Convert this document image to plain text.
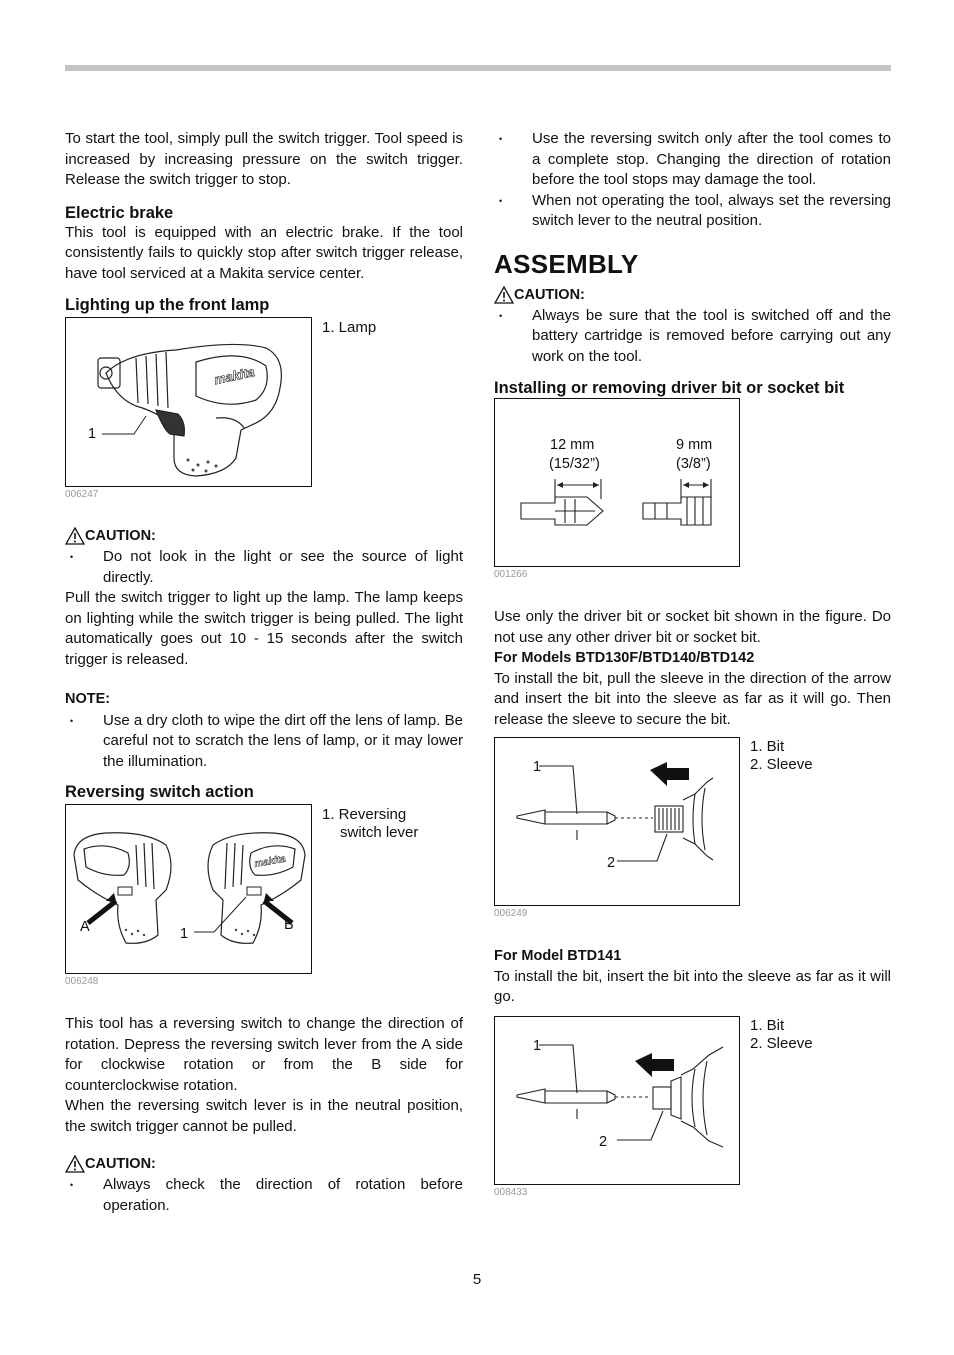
To start the tool, simply pull the switch trigger. Tool speed is increased by increasing pressure on the switch trigger. Release the switch trigger to stop.

Electric brake

This tool is equipped with an electric brake. If the tool consistently fails to quickly stop after switch trigger release, have tool serviced at a Makita service center.

Lighting up the front lamp
makita
1
1. Lamp
006247
CAUTION:
• Do not look in the light or see the source of light directly.

Pull the switch trigger to light up the lamp. The lamp keeps on lighting while the switch trigger is being pulled. The light automatically goes out 10 - 15 seconds after the switch trigger is released.

NOTE:
• Use a dry cloth to wipe the dirt off the lens of lamp. Be careful not to scratch the lens of lamp, or it may lower the illumination.
Reversing switch action
makita
A	1
B
1. Reversing
switch lever
006248

This tool has a reversing switch to change the direction of rotation. Depress the reversing switch lever from the A side for clockwise rotation or from the B side for counterclockwise rotation.

When the reversing switch lever is in the neutral position, the switch trigger cannot be pulled.

CAUTION:
• Always check the direction of rotation before operation.
• Use the reversing switch only after the tool comes to a complete stop. Changing the direction of rotation before the tool stops may damage the tool.
• When not operating the tool, always set the reversing switch lever to the neutral position.
ASSEMBLY
CAUTION:
• Always be sure that the tool is switched off and the battery cartridge is removed before carrying out any work on the tool.
Installing or removing driver bit or socket bit
12 mm
(15/32”)
9 mm
(3/8”)
001266

Use only the driver bit or socket bit shown in the figure. Do not use any other driver bit or socket bit.

For Models BTD130F/BTD140/BTD142

To install the bit, pull the sleeve in the direction of the arrow and insert the bit into the sleeve as far as it will go. Then release the sleeve to secure the bit.

1
2
1. Bit
2. Sleeve
006249
For Model BTD141

To install the bit, insert the bit into the sleeve as far as it will go.

1
2
1. Bit
2. Sleeve
008433
5
